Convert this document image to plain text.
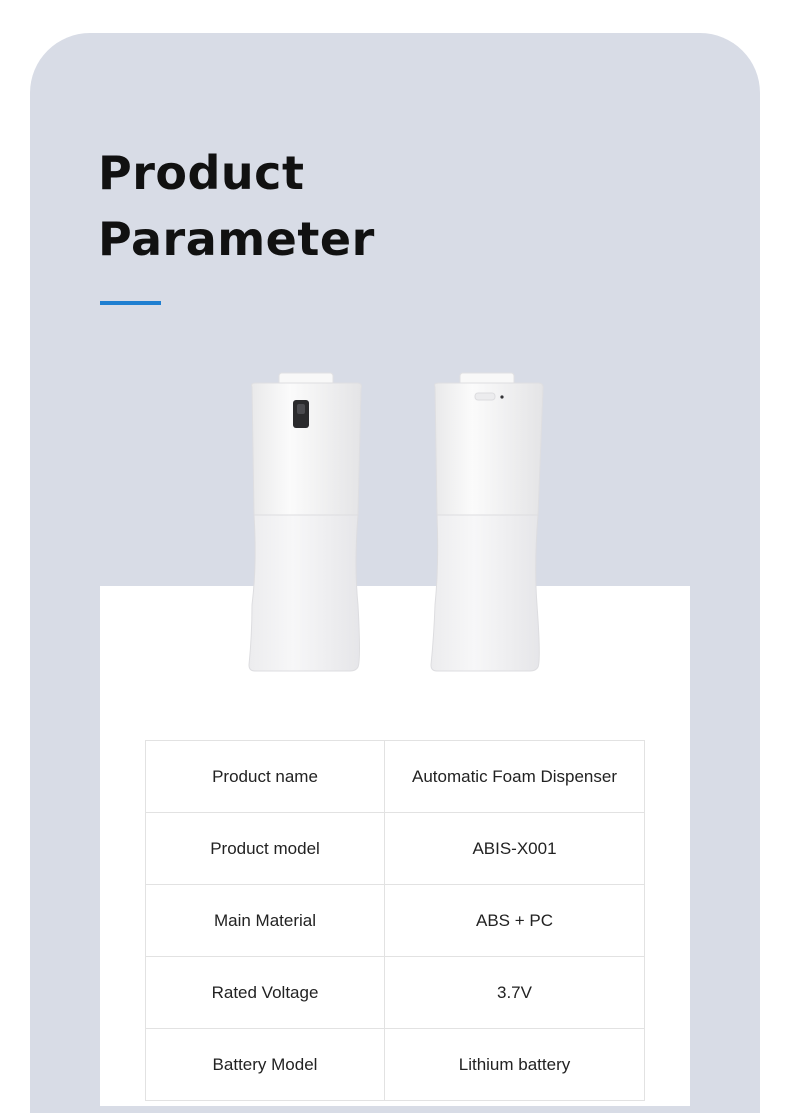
Product
Parameter
Product name	Automatic Foam Dispenser
Product model	ABIS-X001
Main Material	ABS + PC
Rated Voltage	3.7V
Battery Model	Lithium battery
